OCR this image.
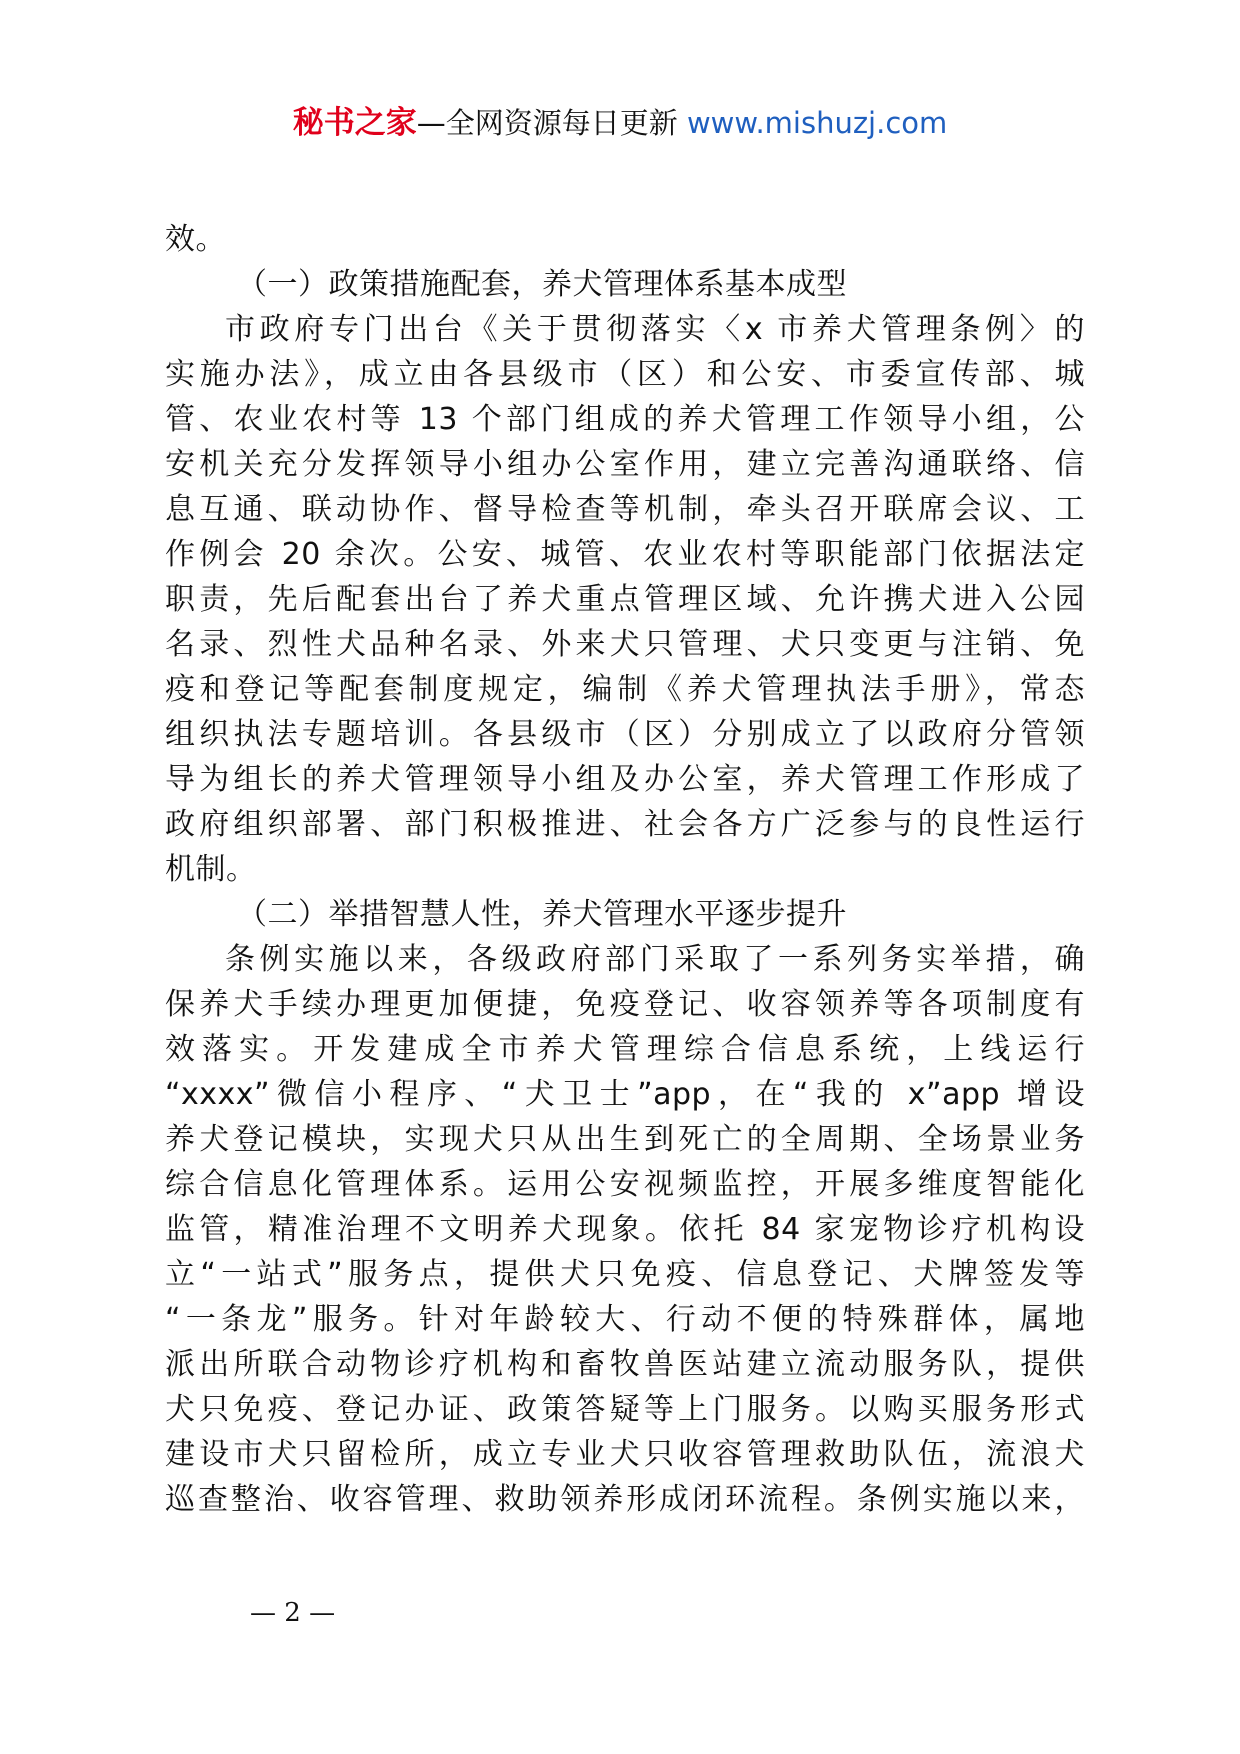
秘书之家—全网资源每日更新 www.mishuzj.com
效。
（一）政策措施配套，养犬管理体系基本成型
市政府专门出台《关于贯彻落实〈x 市养犬管理条例〉的
实施办法》，成立由各县级市（区）和公安、市委宣传部、城
管、农业农村等 13 个部门组成的养犬管理工作领导小组，公
安机关充分发挥领导小组办公室作用，建立完善沟通联络、信
息互通、联动协作、督导检查等机制，牵头召开联席会议、工
作例会 20 余次。公安、城管、农业农村等职能部门依据法定
职责，先后配套出台了养犬重点管理区域、允许携犬进入公园
名录、烈性犬品种名录、外来犬只管理、犬只变更与注销、免
疫和登记等配套制度规定，编制《养犬管理执法手册》，常态
组织执法专题培训。各县级市（区）分别成立了以政府分管领
导为组长的养犬管理领导小组及办公室，养犬管理工作形成了
政府组织部署、部门积极推进、社会各方广泛参与的良性运行
机制。
（二）举措智慧人性，养犬管理水平逐步提升
条例实施以来，各级政府部门采取了一系列务实举措，确
保养犬手续办理更加便捷，免疫登记、收容领养等各项制度有
效落实。开发建成全市养犬管理综合信息系统，上线运行
“xxxx”微信小程序、“犬卫士”app，在“我的 x”app 增设
养犬登记模块，实现犬只从出生到死亡的全周期、全场景业务
综合信息化管理体系。运用公安视频监控，开展多维度智能化
监管，精准治理不文明养犬现象。依托 84 家宠物诊疗机构设
立“一站式”服务点，提供犬只免疫、信息登记、犬牌签发等
“一条龙”服务。针对年龄较大、行动不便的特殊群体，属地
派出所联合动物诊疗机构和畜牧兽医站建立流动服务队，提供
犬只免疫、登记办证、政策答疑等上门服务。以购买服务形式
建设市犬只留检所，成立专业犬只收容管理救助队伍，流浪犬
巡查整治、收容管理、救助领养形成闭环流程。条例实施以来，
— 2 —
